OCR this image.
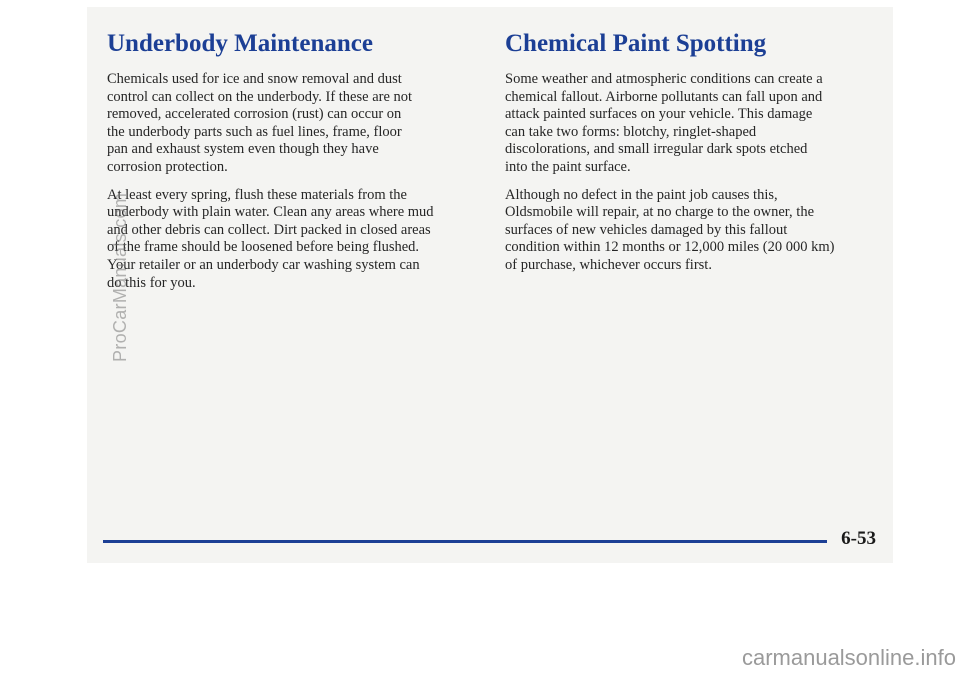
Underbody Maintenance

Chemicals used for ice and snow removal and dust
control can collect on the underbody. If these are not
removed, accelerated corrosion (rust) can occur on
the underbody parts such as fuel lines, frame, floor
pan and exhaust system even though they have
corrosion protection.

At least every spring, flush these materials from the
underbody with plain water. Clean any areas where mud
and other debris can collect. Dirt packed in closed areas
of the frame should be loosened before being flushed.
Your retailer or an underbody car washing system can
do this for you.

Chemical Paint Spotting

Some weather and atmospheric conditions can create a
chemical fallout. Airborne pollutants can fall upon and
attack painted surfaces on your vehicle. This damage
can take two forms: blotchy, ringlet-shaped
discolorations, and small irregular dark spots etched
into the paint surface.

Although no defect in the paint job causes this,
Oldsmobile will repair, at no charge to the owner, the
surfaces of new vehicles damaged by this fallout
condition within 12 months or 12,000 miles (20 000 km)
of purchase, whichever occurs first.

6-53
ProCarManuals.com
carmanualsonline.info
